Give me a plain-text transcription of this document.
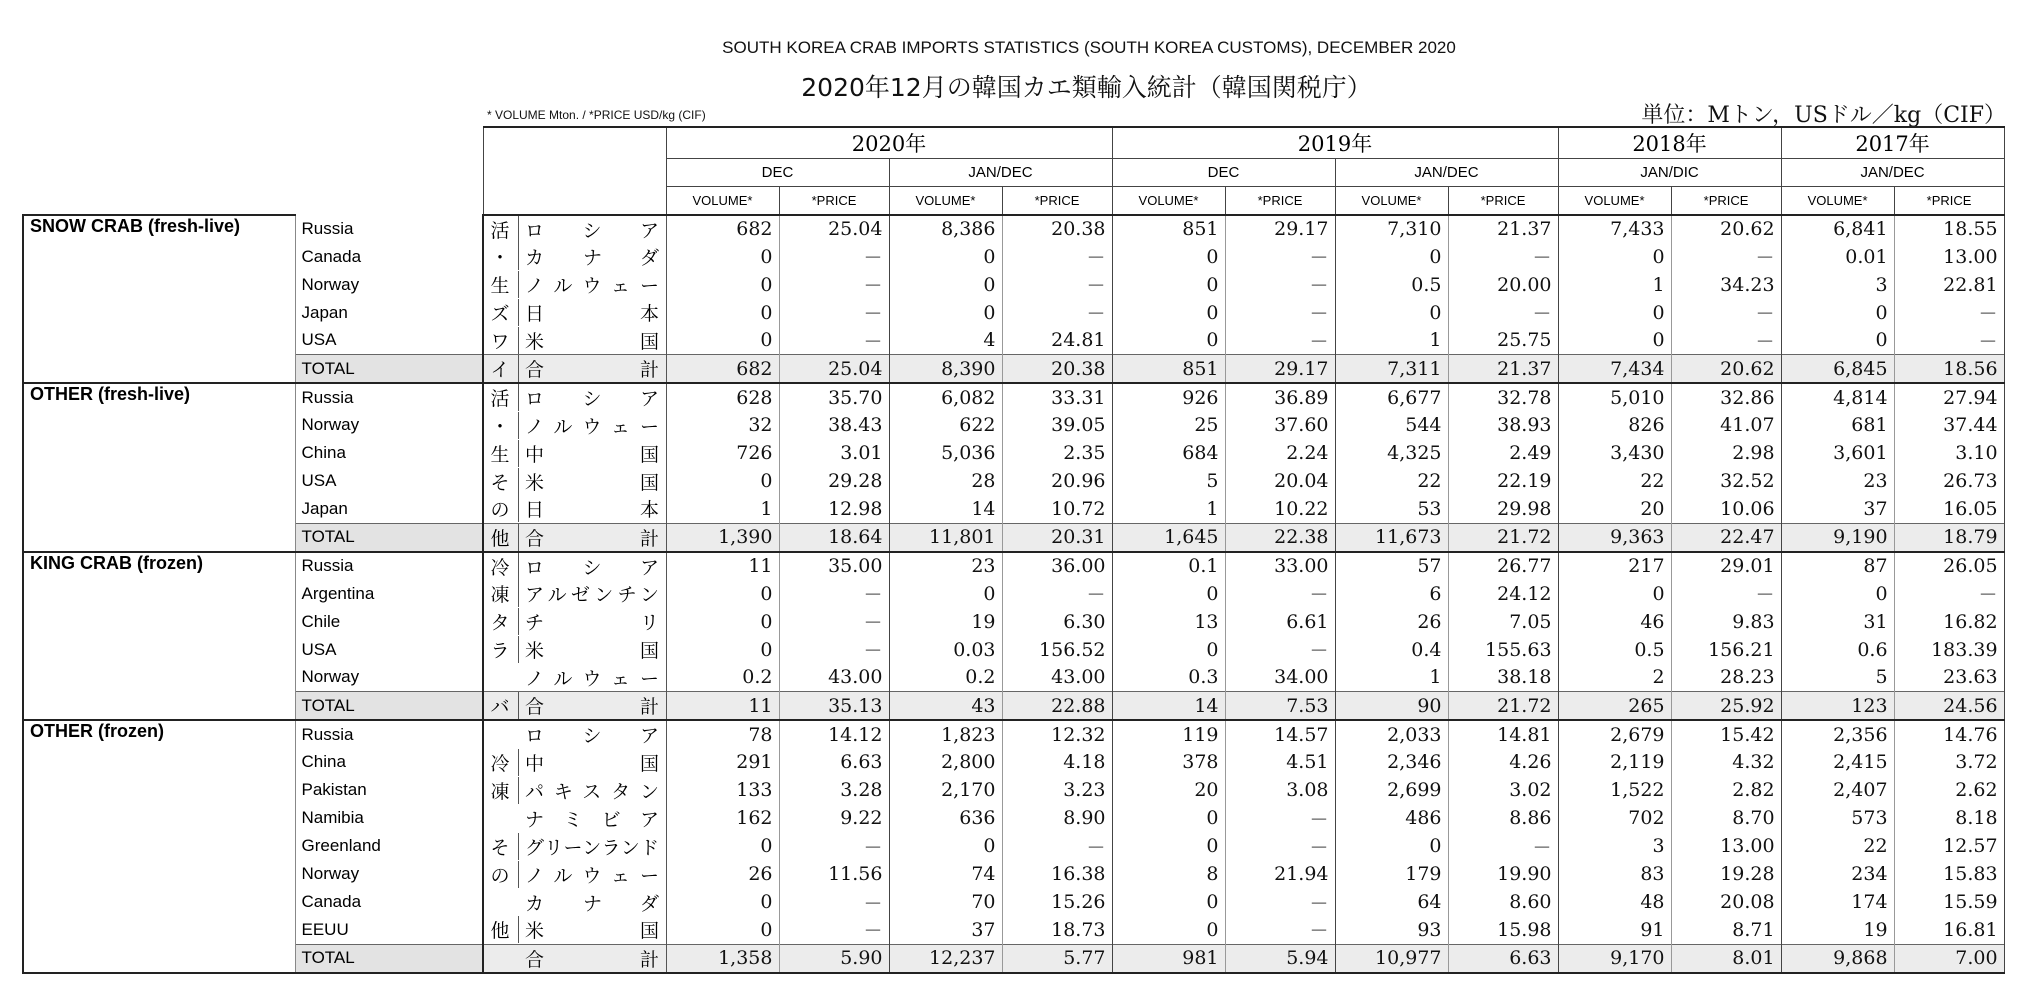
SOUTH KOREA CRAB IMPORTS STATISTICS (SOUTH KOREA CUSTOMS), DECEMBER 2020
2020年12月の韓国カエ類輸入統計（韓国関税庁）
* VOLUME Mton. / *PRICE USD/kg (CIF)	単位：Mトン，USドル／kg（CIF）
			2020年				2019年				2018年		2017年	
			DEC		JAN/DEC		DEC		JAN/DEC		JAN/DIC		JAN/DEC	
			VOLUME*	*PRICE	VOLUME*	*PRICE	VOLUME*	*PRICE	VOLUME*	*PRICE	VOLUME*	*PRICE	VOLUME*	*PRICE
SNOW CRAB (fresh-live)	Russia	活 ロシア	682	25.04	8,386	20.38	851	29.17	7,310	21.37	7,433	20.62	6,841	18.55
	Canada	・ カナダ	0	－	0	－	0	－	0	－	0	－	0.01	13.00
	Norway	生 ノルウェー	0	－	0	－	0	－	0.5	20.00	1	34.23	3	22.81
	Japan	ズ 日本	0	－	0	－	0	－	0	－	0	－	0	－
	USA	ワ 米国	0	－	4	24.81	0	－	1	25.75	0	－	0	－
	TOTAL	イ 合計	682	25.04	8,390	20.38	851	29.17	7,311	21.37	7,434	20.62	6,845	18.56
OTHER (fresh-live)	Russia	活 ロシア	628	35.70	6,082	33.31	926	36.89	6,677	32.78	5,010	32.86	4,814	27.94
	Norway	・ ノルウェー	32	38.43	622	39.05	25	37.60	544	38.93	826	41.07	681	37.44
	China	生 中国	726	3.01	5,036	2.35	684	2.24	4,325	2.49	3,430	2.98	3,601	3.10
	USA	そ 米国	0	29.28	28	20.96	5	20.04	22	22.19	22	32.52	23	26.73
	Japan	の 日本	1	12.98	14	10.72	1	10.22	53	29.98	20	10.06	37	16.05
	TOTAL	他 合計	1,390	18.64	11,801	20.31	1,645	22.38	11,673	21.72	9,363	22.47	9,190	18.79
KING CRAB (frozen)	Russia	冷 ロシア	11	35.00	23	36.00	0.1	33.00	57	26.77	217	29.01	87	26.05
	Argentina	凍 アルゼンチン	0	－	0	－	0	－	6	24.12	0	－	0	－
	Chile	タ チリ	0	－	19	6.30	13	6.61	26	7.05	46	9.83	31	16.82
	USA	ラ 米国	0	－	0.03	156.52	0	－	0.4	155.63	0.5	156.21	0.6	183.39
	Norway	ノルウェー	0.2	43.00	0.2	43.00	0.3	34.00	1	38.18	2	28.23	5	23.63
	TOTAL	バ 合計	11	35.13	43	22.88	14	7.53	90	21.72	265	25.92	123	24.56
OTHER (frozen)	Russia	ロシア	78	14.12	1,823	12.32	119	14.57	2,033	14.81	2,679	15.42	2,356	14.76
	China	冷 中国	291	6.63	2,800	4.18	378	4.51	2,346	4.26	2,119	4.32	2,415	3.72
	Pakistan	凍 パキスタン	133	3.28	2,170	3.23	20	3.08	2,699	3.02	1,522	2.82	2,407	2.62
	Namibia	ナミビア	162	9.22	636	8.90	0	－	486	8.86	702	8.70	573	8.18
	Greenland	そ グリーンランド	0	－	0	－	0	－	0	－	3	13.00	22	12.57
	Norway	の ノルウェー	26	11.56	74	16.38	8	21.94	179	19.90	83	19.28	234	15.83
	Canada	カナダ	0	－	70	15.26	0	－	64	8.60	48	20.08	174	15.59
	EEUU	他 米国	0	－	37	18.73	0	－	93	15.98	91	8.71	19	16.81
	TOTAL	合計	1,358	5.90	12,237	5.77	981	5.94	10,977	6.63	9,170	8.01	9,868	7.00
